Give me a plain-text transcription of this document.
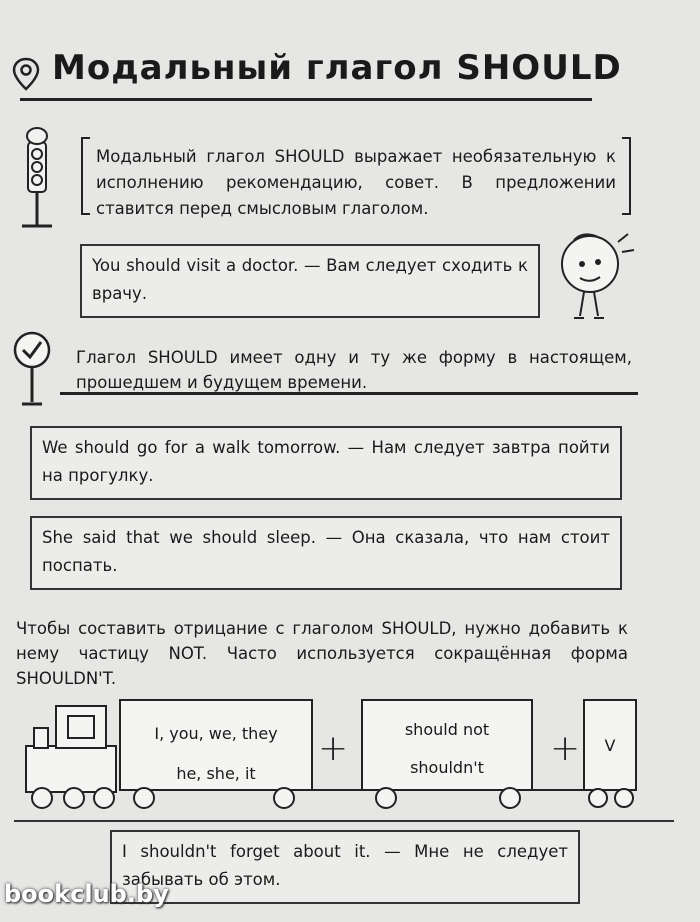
Модальный глагол SHOULD
Модальный глагол SHOULD выражает необязательную к исполнению рекомендацию, совет. В предложении ставится перед смысловым глаголом.
You should visit a doctor. — Вам следует сходить к врачу.
Глагол SHOULD имеет одну и ту же форму в настоящем, прошедшем и будущем времени.
We should go for a walk tomorrow. — Нам следует завтра пойти на прогулку.
She said that we should sleep. — Она сказала, что нам стоит поспать.
Чтобы составить отрицание с глаголом SHOULD, нужно добавить к нему частицу NOT. Часто используется сокращённая форма SHOULDN'T.
I, you, we, they
he, she, it
+	should not
shouldn't	+	V
I shouldn't forget about it. — Мне не следует забывать об этом.
bookclub.by
